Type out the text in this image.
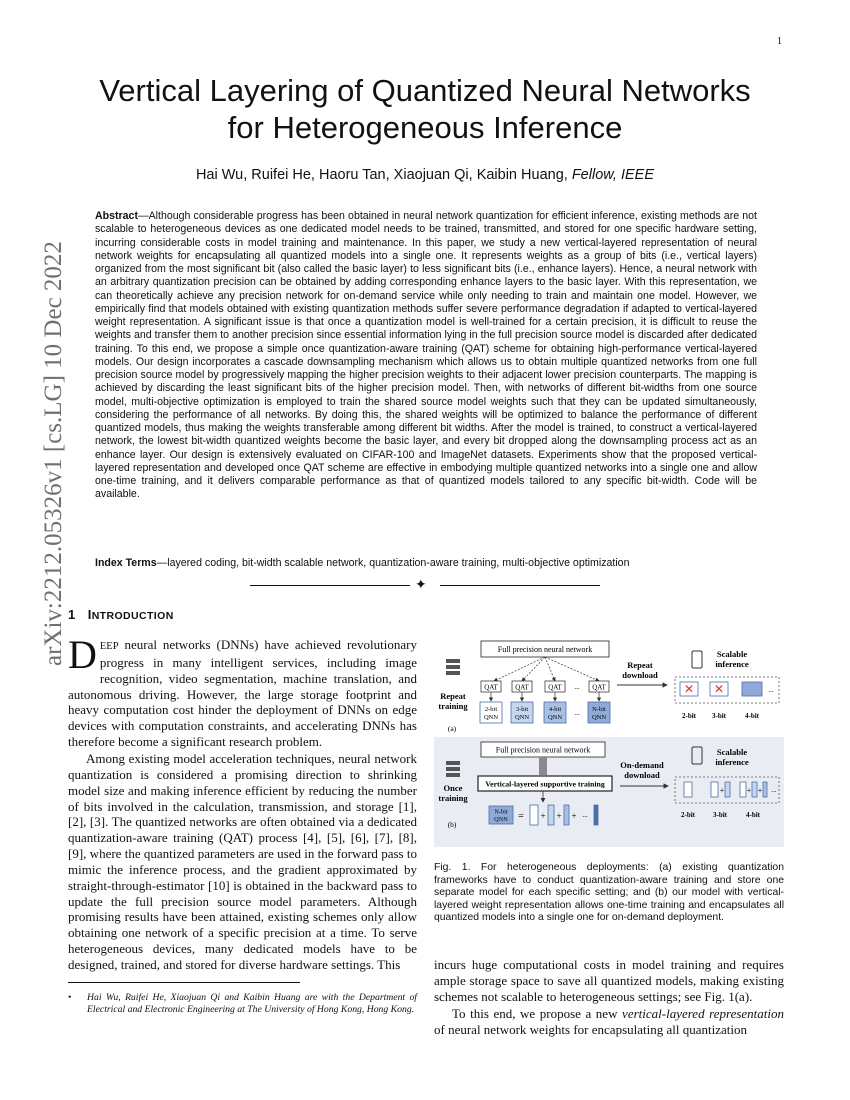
1
arXiv:2212.05326v1 [cs.LG] 10 Dec 2022
Vertical Layering of Quantized Neural Networks
for Heterogeneous Inference
Hai Wu, Ruifei He, Haoru Tan, Xiaojuan Qi, Kaibin Huang, Fellow, IEEE
Abstract—Although considerable progress has been obtained in neural network quantization for efficient inference, existing methods are not scalable to heterogeneous devices as one dedicated model needs to be trained, transmitted, and stored for one specific hardware setting, incurring considerable costs in model training and maintenance. In this paper, we study a new vertical-layered representation of neural network weights for encapsulating all quantized models into a single one. It represents weights as a group of bits (i.e., vertical layers) organized from the most significant bit (also called the basic layer) to less significant bits (i.e., enhance layers). Hence, a neural network with an arbitrary quantization precision can be obtained by adding corresponding enhance layers to the basic layer. With this representation, we can theoretically achieve any precision network for on-demand service while only needing to train and maintain one model. However, we empirically find that models obtained with existing quantization methods suffer severe performance degradation if adapted to vertical-layered weight representation. A significant issue is that once a quantization model is well-trained for a certain precision, it is difficult to reuse the weights and transfer them to another precision since essential information lying in the full precision source model is discarded after dedicated training. To this end, we propose a simple once quantization-aware training (QAT) scheme for obtaining high-performance vertical-layered models. Our design incorporates a cascade downsampling mechanism which allows us to obtain multiple quantized networks from one full precision source model by progressively mapping the higher precision weights to their adjacent lower precision counterparts. The mapping is achieved by discarding the least significant bits of the higher precision model. Then, with networks of different bit-widths from one source model, multi-objective optimization is employed to train the shared source model weights such that they can be updated simultaneously, considering the performance of all networks. By doing this, the shared weights will be optimized to balance the performance of different quantized models, thus making the weights transferable among different bit widths. After the model is trained, to construct a vertical-layered network, the lowest bit-width quantized weights become the basic layer, and every bit dropped along the downsampling process act as an enhance layer. Our design is extensively evaluated on CIFAR-100 and ImageNet datasets. Experiments show that the proposed vertical-layered representation and developed once QAT scheme are effective in embodying multiple quantized networks into a single one and allow one-time training, and it delivers comparable performance as that of quantized models tailored to any specific bit-width. Code will be available.
Index Terms—layered coding, bit-width scalable network, quantization-aware training, multi-objective optimization
✦
1 INTRODUCTION
DEEP neural networks (DNNs) have achieved revolutionary progress in many intelligent services, including image recognition, video segmentation, machine translation, and autonomous driving. However, the large storage footprint and heavy computation cost hinder the deployment of DNNs on edge devices with computation constraints, and accelerating DNNs has therefore become a significant research problem.
Among existing model acceleration techniques, neural network quantization is considered a promising direction to shrinking model size and making inference efficient by reducing the number of bits involved in the calculation, transmission, and storage [1], [2], [3]. The quantized networks are often obtained via a dedicated quantization-aware training (QAT) process [4], [5], [6], [7], [8], [9], where the quantized parameters are used in the forward pass to mimic the inference process, and the gradient approximated by straight-through-estimator [10] is obtained in the backward pass to update the full precision source model parameters. Although promising results have been attained, existing schemes only allow obtaining one network of a specific precision at a time. To serve heterogeneous devices, many dedicated models have to be designed, trained, and stored for diverse hardware settings. This
• Hai Wu, Ruifei He, Xiaojuan Qi and Kaibin Huang are with the Department of Electrical and Electronic Engineering at The University of Hong Kong, Hong Kong.
Repeat training
(a)
Full precision neural network
QAT QAT	QAT ... QAT
2-bit QNN
3-bit QNN
4-bit QNN
... N-bit QNN
Repeat download
Scalable inference
✕ ✕	...
2-bit 3-bit	4-bit
Once training
(b)
Full precision neural network
Vertical-layered supportive training
N-bit QNN = + + + ...
On-demand download
Scalable inference
+	+ + ...
2-bit	3-bit	4-bit
Fig. 1. For heterogeneous deployments: (a) existing quantization frameworks have to conduct quantization-aware training and store one separate model for each specific setting; and (b) our model with vertical-layered weight representation allows one-time training and encapsulates all quantized models into a single one for on-demand deployment.
incurs huge computational costs in model training and requires ample storage space to save all quantized models, making existing schemes not scalable to heterogeneous settings; see Fig. 1(a).
To this end, we propose a new vertical-layered representation of neural network weights for encapsulating all quantization
